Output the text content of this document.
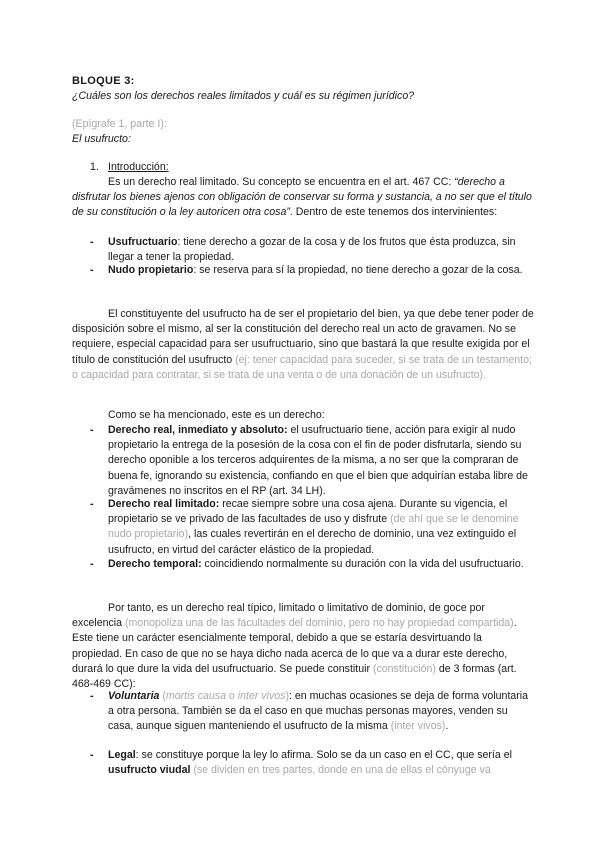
BLOQUE 3:
¿Cuáles son los derechos reales limitados y cuál es su régimen jurídico?
(Epígrafe 1, parte I):
El usufructo:
1. Introducción:

Es un derecho real limitado. Su concepto se encuentra en el art. 467 CC: “derecho a disfrutar los bienes ajenos con obligación de conservar su forma y sustancia, a no ser que el título de su constitución o la ley autoricen otra cosa”. Dentro de este tenemos dos intervinientes:

-	Usufructuario: tiene derecho a gozar de la cosa y de los frutos que ésta produzca, sin llegar a tener la propiedad.
-	Nudo propietario: se reserva para sí la propiedad, no tiene derecho a gozar de la cosa.

El constituyente del usufructo ha de ser el propietario del bien, ya que debe tener poder de disposición sobre el mismo, al ser la constitución del derecho real un acto de gravamen. No se requiere, especial capacidad para ser usufructuario, sino que bastará la que resulte exigida por el título de constitución del usufructo (ej: tener capacidad para suceder, si se trata de un testamento; o capacidad para contratar, si se trata de una venta o de una donación de un usufructo).

Como se ha mencionado, este es un derecho:
-	Derecho real, inmediato y absoluto: el usufructuario tiene, acción para exigir al nudo propietario la entrega de la posesión de la cosa con el fin de poder disfrutarla, siendo su derecho oponible a los terceros adquirentes de la misma, a no ser que la compraran de buena fe, ignorando su existencia, confiando en que el bien que adquirían estaba libre de gravámenes no inscritos en el RP (art. 34 LH).
-	Derecho real limitado: recae siempre sobre una cosa ajena. Durante su vigencia, el propietario se ve privado de las facultades de uso y disfrute (de ahí que se le denomine nudo propietario), las cuales revertirán en el derecho de dominio, una vez extinguido el usufructo, en virtud del carácter elástico de la propiedad.
-	Derecho temporal: coincidiendo normalmente su duración con la vida del usufructuario.

Por tanto, es un derecho real típico, limitado o limitativo de dominio, de goce por excelencia (monopoliza una de las facultades del dominio, pero no hay propiedad compartida). Este tiene un carácter esencialmente temporal, debido a que se estaría desvirtuando la propiedad. En caso de que no se haya dicho nada acerca de lo que va a durar este derecho, durará lo que dure la vida del usufructuario. Se puede constituir (constitución) de 3 formas (art. 468-469 CC):

-	Voluntaria (mortis causa o inter vivos): en muchas ocasiones se deja de forma voluntaria a otra persona. También se da el caso en que muchas personas mayores, venden su casa, aunque siguen manteniendo el usufructo de la misma (inter vivos).
-	Legal: se constituye porque la ley lo afirma. Solo se da un caso en el CC, que sería el usufructo viudal (se dividen en tres partes, donde en una de ellas el cónyuge va
